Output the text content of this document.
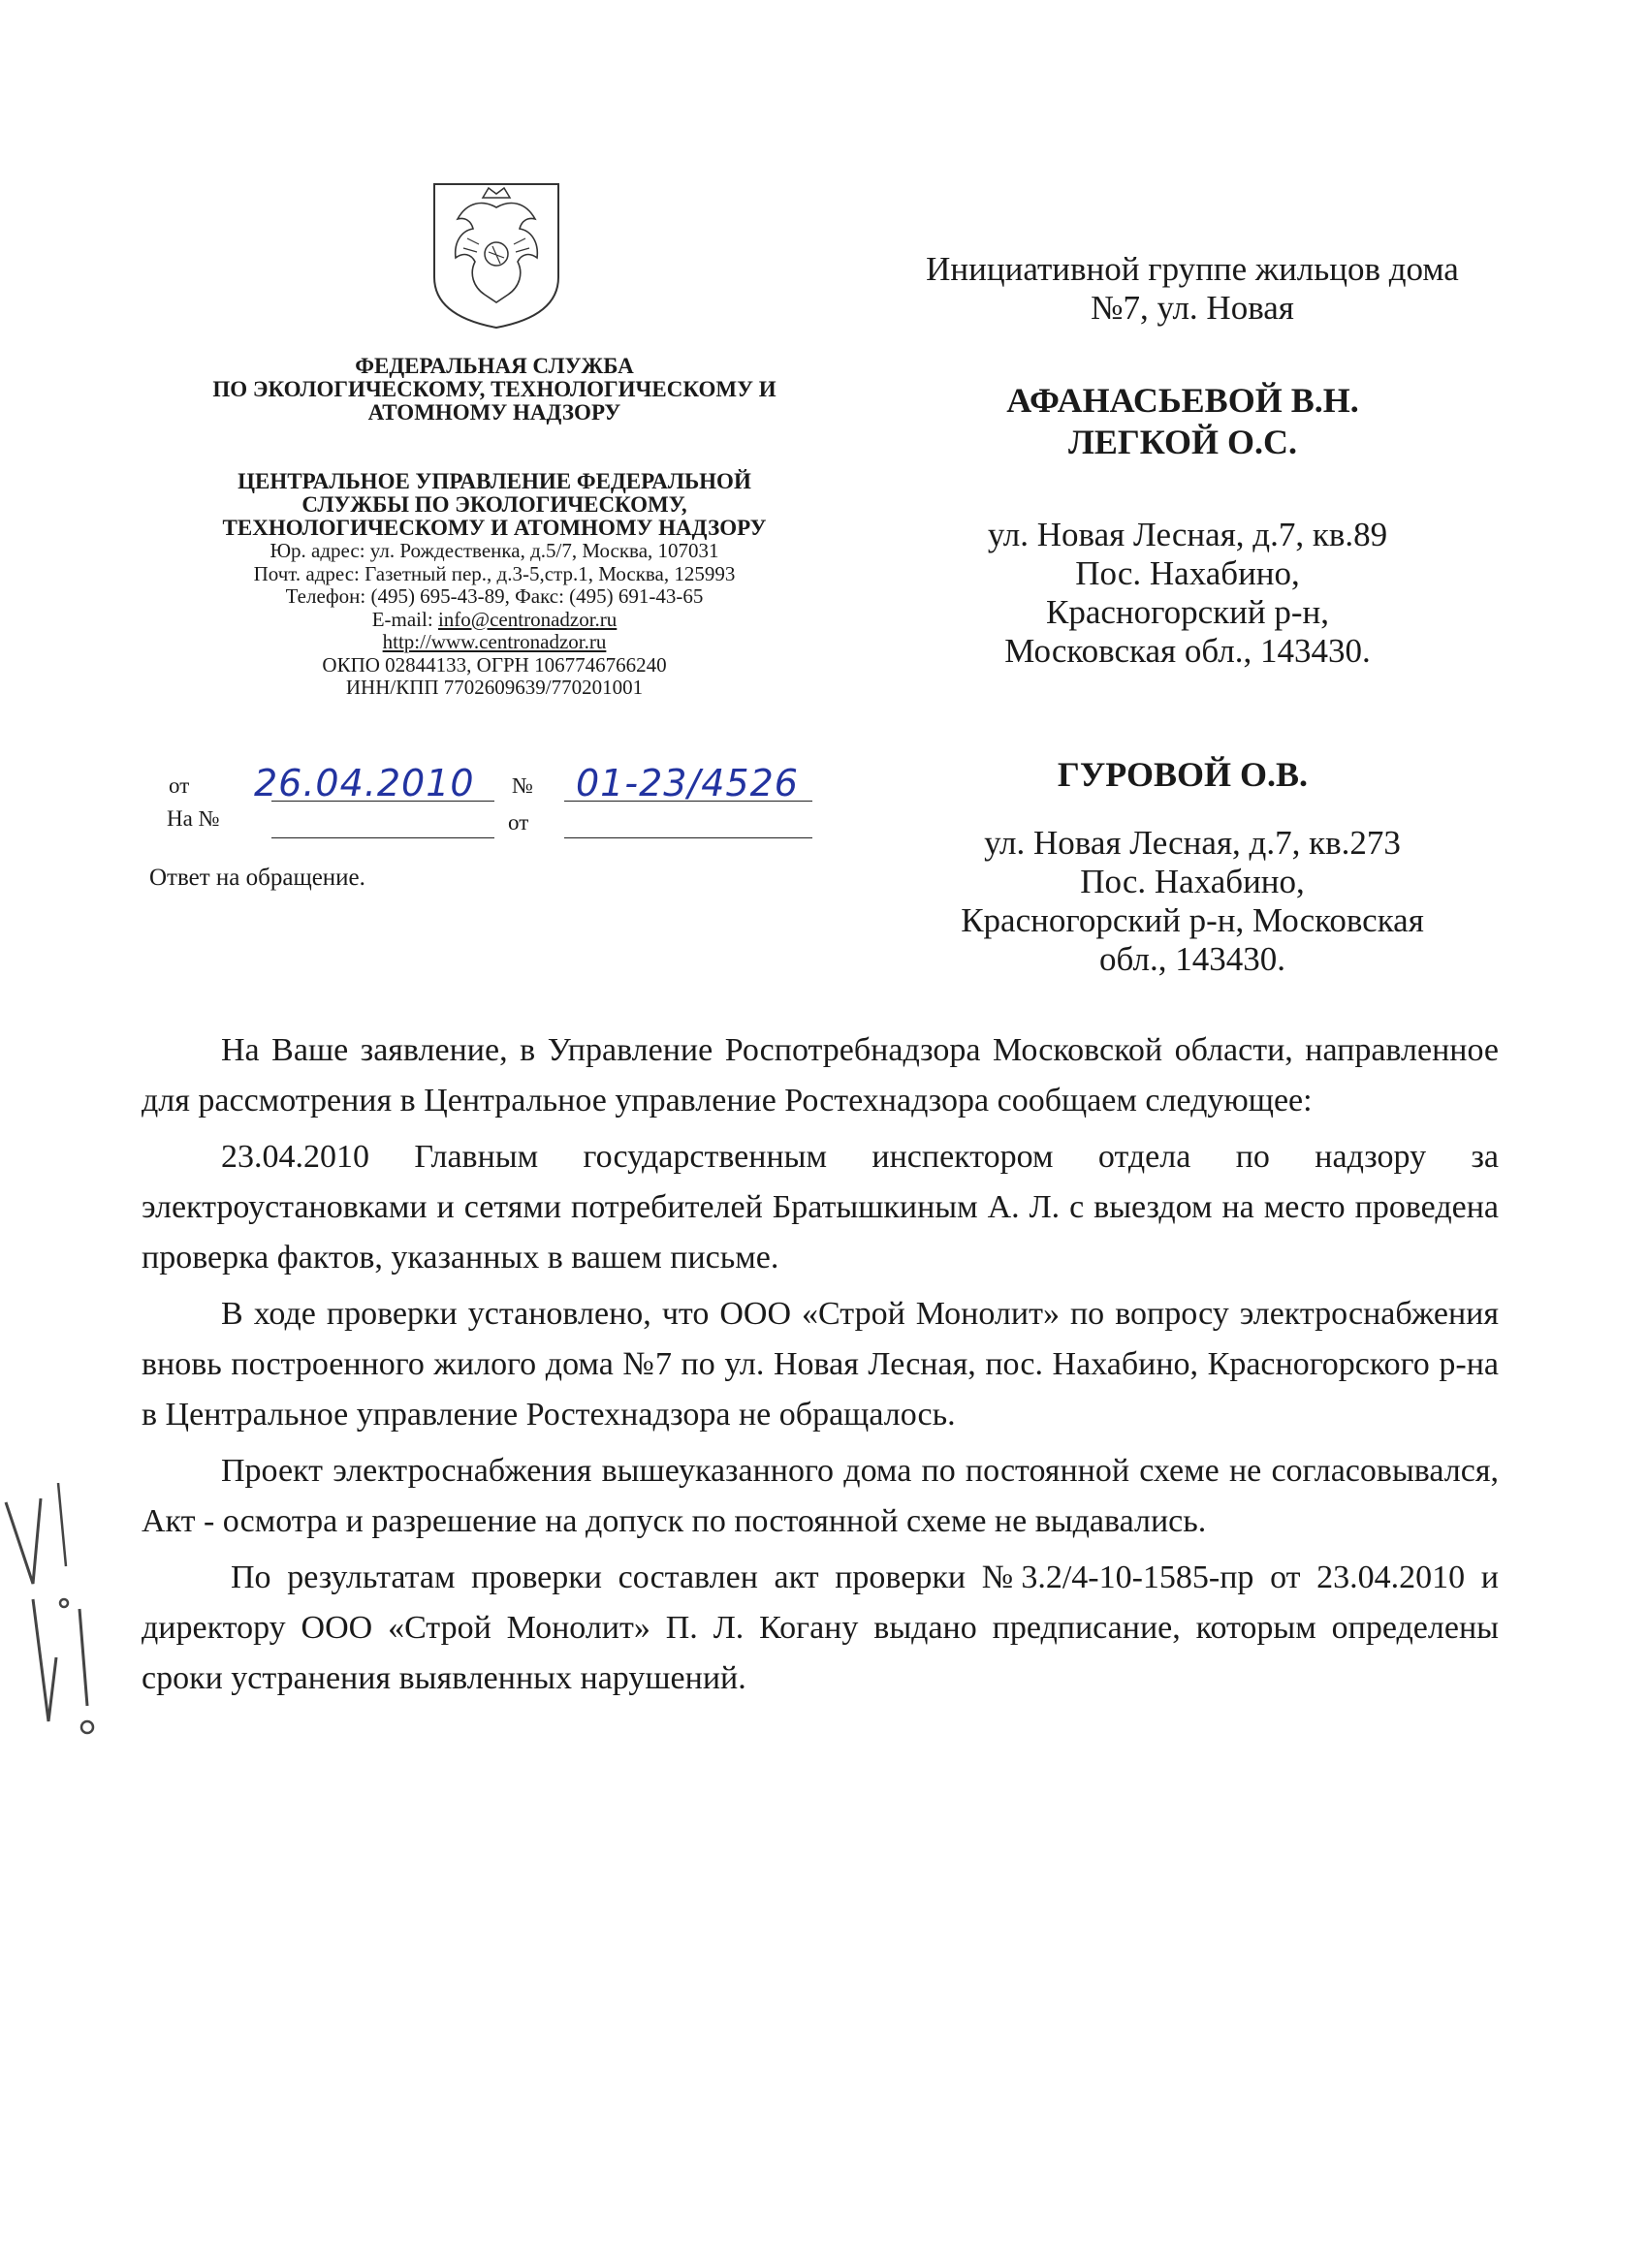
ФЕДЕРАЛЬНАЯ СЛУЖБА

ПО ЭКОЛОГИЧЕСКОМУ, ТЕХНОЛОГИЧЕСКОМУ И

АТОМНОМУ НАДЗОРУ

ЦЕНТРАЛЬНОЕ УПРАВЛЕНИЕ ФЕДЕРАЛЬНОЙ

СЛУЖБЫ ПО ЭКОЛОГИЧЕСКОМУ,

ТЕХНОЛОГИЧЕСКОМУ И АТОМНОМУ НАДЗОРУ

Юр. адрес: ул. Рождественка, д.5/7, Москва, 107031
Почт. адрес: Газетный пер., д.3-5,стр.1, Москва, 125993
Телефон: (495) 695-43-89, Факс: (495) 691-43-65
E-mail: info@centronadzor.ru
http://www.centronadzor.ru
ОКПО 02844133, ОГРН 1067746766240
ИНН/КПП 7702609639/770201001
от 26.04.2010 № 01-23/4526
На №	от
Ответ на обращение.
Инициативной группе жильцов дома
№7, ул. Новая
АФАНАСЬЕВОЙ В.Н.
ЛЕГКОЙ О.С.
ул. Новая Лесная, д.7, кв.89
Пос. Нахабино,
Красногорский р-н,
Московская обл., 143430.
ГУРОВОЙ О.В.
ул. Новая Лесная, д.7, кв.273
Пос. Нахабино,
Красногорский р-н, Московская
обл., 143430.

На Ваше заявление, в Управление Роспотребнадзора Московской области, направленное для рассмотрения в Центральное управление Ростехнадзора сообщаем следующее:

23.04.2010 Главным государственным инспектором отдела по надзору за электроустановками и сетями потребителей Братышкиным А. Л. с выездом на место проведена проверка фактов, указанных в вашем письме.

В ходе проверки установлено, что ООО «Строй Монолит» по вопросу электроснабжения вновь построенного жилого дома №7 по ул. Новая Лесная, пос. Нахабино, Красногорского р-на в Центральное управление Ростехнадзора не обращалось.

Проект электроснабжения вышеуказанного дома по постоянной схеме не согласовывался, Акт - осмотра и разрешение на допуск по постоянной схеме не выдавались.

По результатам проверки составлен акт проверки №3.2/4-10-1585-пр от 23.04.2010 и директору ООО «Строй Монолит» П. Л. Когану выдано предписание, которым определены сроки устранения выявленных нарушений.
